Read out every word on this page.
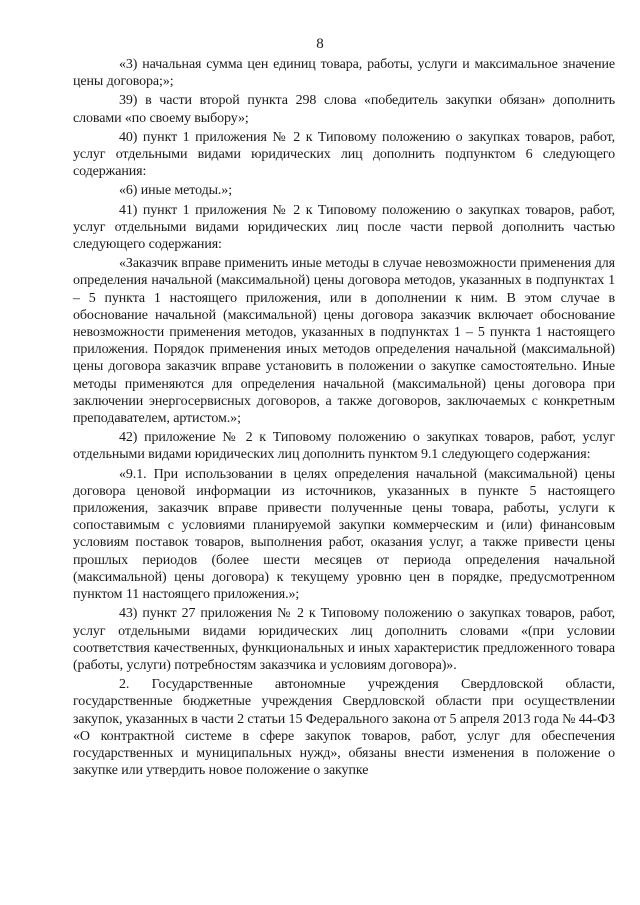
8

«3) начальная сумма цен единиц товара, работы, услуги и максимальное значение цены договора;»;

39) в части второй пункта 298 слова «победитель закупки обязан» дополнить словами «по своему выбору»;

40) пункт 1 приложения № 2 к Типовому положению о закупках товаров, работ, услуг отдельными видами юридических лиц дополнить подпунктом 6 следующего содержания:

«6) иные методы.»;

41) пункт 1 приложения № 2 к Типовому положению о закупках товаров, работ, услуг отдельными видами юридических лиц после части первой дополнить частью следующего содержания:

«Заказчик вправе применить иные методы в случае невозможности применения для определения начальной (максимальной) цены договора методов, указанных в подпунктах 1 – 5 пункта 1 настоящего приложения, или в дополнении к ним. В этом случае в обоснование начальной (максимальной) цены договора заказчик включает обоснование невозможности применения методов, указанных в подпунктах 1 – 5 пункта 1 настоящего приложения. Порядок применения иных методов определения начальной (максимальной) цены договора заказчик вправе установить в положении о закупке самостоятельно. Иные методы применяются для определения начальной (максимальной) цены договора при заключении энергосервисных договоров, а также договоров, заключаемых с конкретным преподавателем, артистом.»;

42) приложение № 2 к Типовому положению о закупках товаров, работ, услуг отдельными видами юридических лиц дополнить пунктом 9.1 следующего содержания:

«9.1. При использовании в целях определения начальной (максимальной) цены договора ценовой информации из источников, указанных в пункте 5 настоящего приложения, заказчик вправе привести полученные цены товара, работы, услуги к сопоставимым с условиями планируемой закупки коммерческим и (или) финансовым условиям поставок товаров, выполнения работ, оказания услуг, а также привести цены прошлых периодов (более шести месяцев от периода определения начальной (максимальной) цены договора) к текущему уровню цен в порядке, предусмотренном пунктом 11 настоящего приложения.»;

43) пункт 27 приложения № 2 к Типовому положению о закупках товаров, работ, услуг отдельными видами юридических лиц дополнить словами «(при условии соответствия качественных, функциональных и иных характеристик предложенного товара (работы, услуги) потребностям заказчика и условиям договора)».

2. Государственные автономные учреждения Свердловской области, государственные бюджетные учреждения Свердловской области при осуществлении закупок, указанных в части 2 статьи 15 Федерального закона от 5 апреля 2013 года № 44-ФЗ «О контрактной системе в сфере закупок товаров, работ, услуг для обеспечения государственных и муниципальных нужд», обязаны внести изменения в положение о закупке или утвердить новое положение о закупке
